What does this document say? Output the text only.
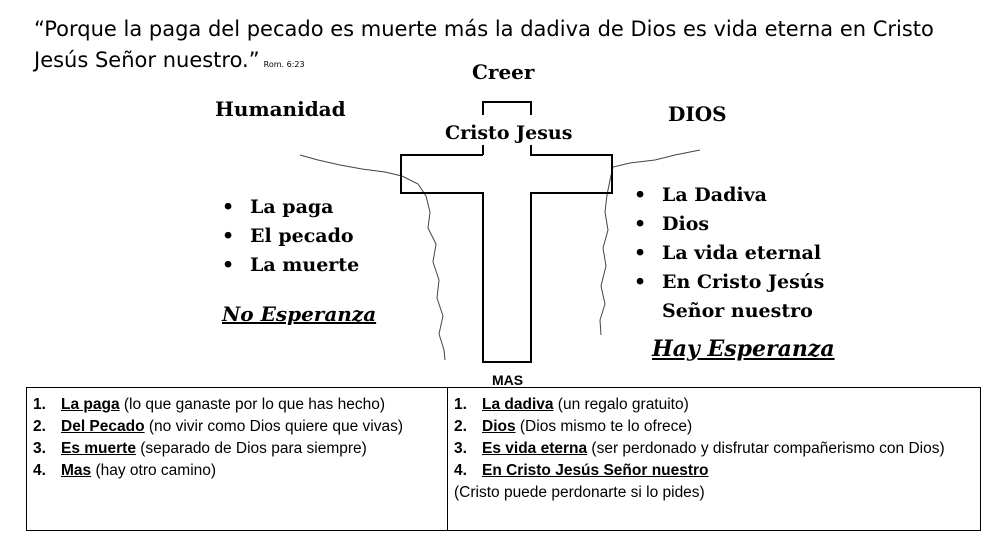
“Porque la paga del pecado es muerte más la dadiva de Dios es vida eterna en Cristo Jesús Señor nuestro.” Rom. 6:23	Creer
Humanidad	DIOS
Cristo Jesus
MAS
• La paga
• El pecado
• La muerte
No Esperanza
• La Dadiva
• Dios
• La vida eternal
• En Cristo Jesús Señor nuestro
Hay Esperanza
1. La paga (lo que ganaste por lo que has hecho)
2. Del Pecado (no vivir como Dios quiere que vivas)
3. Es muerte (separado de Dios para siempre)
4. Mas (hay otro camino)

1. La dadiva (un regalo gratuito)
2. Dios (Dios mismo te lo ofrece)
3. Es vida eterna (ser perdonado y disfrutar compañerismo con Dios)
4. En Cristo Jesús Señor nuestro
(Cristo puede perdonarte si lo pides)
